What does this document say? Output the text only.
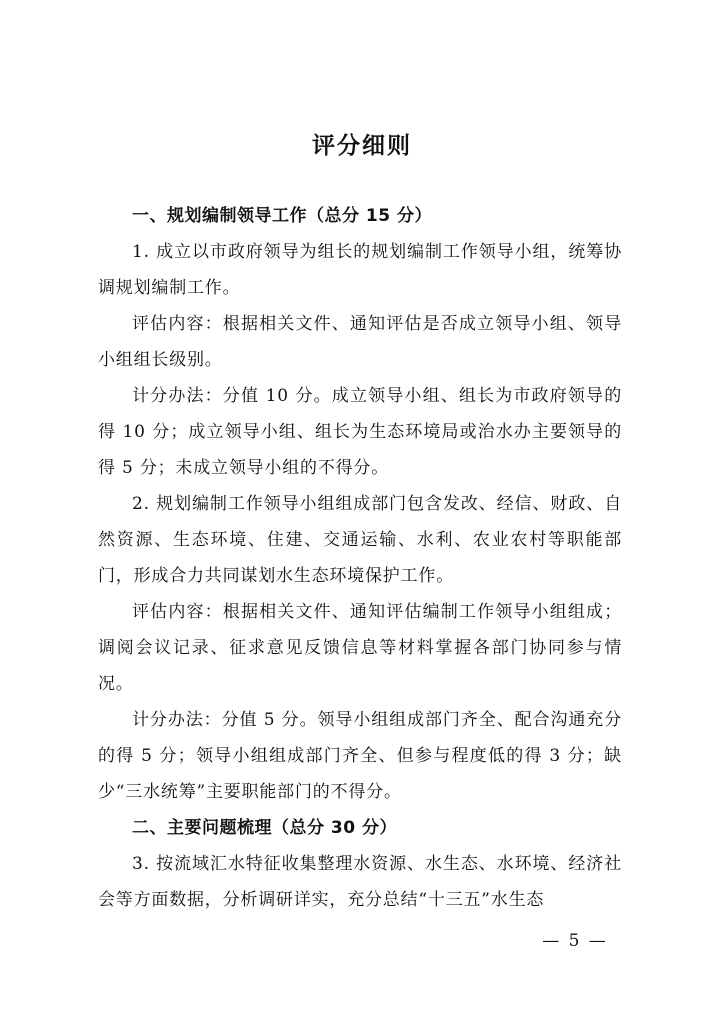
评分细则

一、规划编制领导工作（总分 15 分）

1. 成立以市政府领导为组长的规划编制工作领导小组，统筹协调规划编制工作。

评估内容：根据相关文件、通知评估是否成立领导小组、领导小组组长级别。

计分办法：分值 10 分。成立领导小组、组长为市政府领导的得 10 分；成立领导小组、组长为生态环境局或治水办主要领导的得 5 分；未成立领导小组的不得分。

2. 规划编制工作领导小组组成部门包含发改、经信、财政、自然资源、生态环境、住建、交通运输、水利、农业农村等职能部门，形成合力共同谋划水生态环境保护工作。

评估内容：根据相关文件、通知评估编制工作领导小组组成；调阅会议记录、征求意见反馈信息等材料掌握各部门协同参与情况。

计分办法：分值 5 分。领导小组组成部门齐全、配合沟通充分的得 5 分；领导小组组成部门齐全、但参与程度低的得 3 分；缺少“三水统筹”主要职能部门的不得分。

二、主要问题梳理（总分 30 分）

3. 按流域汇水特征收集整理水资源、水生态、水环境、经济社会等方面数据，分析调研详实，充分总结“十三五”水生态

— 5 —
